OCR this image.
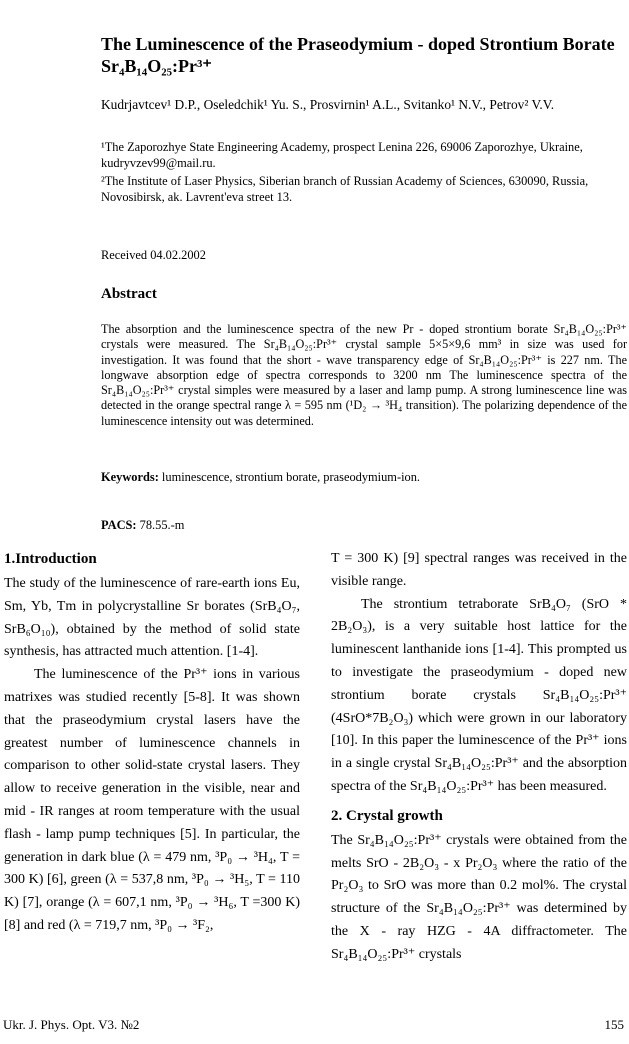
The Luminescence of the Praseodymium - doped Strontium Borate Sr₄B₁₄O₂₅:Pr³⁺
Kudrjavtcev¹ D.P., Oseledchik¹ Yu. S., Prosvirnin¹ A.L., Svitanko¹ N.V., Petrov² V.V.
¹The Zaporozhye State Engineering Academy, prospect Lenina 226, 69006 Zaporozhye, Ukraine, kudryvzev99@mail.ru.
²The Institute of Laser Physics, Siberian branch of Russian Academy of Sciences, 630090, Russia, Novosibirsk, ak. Lavrent'eva street 13.
Received 04.02.2002
Abstract

The absorption and the luminescence spectra of the new Pr - doped strontium borate Sr₄B₁₄O₂₅:Pr³⁺ crystals were measured. The Sr₄B₁₄O₂₅:Pr³⁺ crystal sample 5×5×9,6 mm³ in size was used for investigation. It was found that the short - wave transparency edge of Sr₄B₁₄O₂₅:Pr³⁺ is 227 nm. The longwave absorption edge of spectra corresponds to 3200 nm The luminescence spectra of the Sr₄B₁₄O₂₅:Pr³⁺ crystal simples were measured by a laser and lamp pump. A strong luminescence line was detected in the orange spectral range λ = 595 nm (¹D₂ → ³H₄ transition). The polarizing dependence of the luminescence intensity out was determined.

Keywords: luminescence, strontium borate, praseodymium-ion.
PACS: 78.55.-m
1.Introduction

The study of the luminescence of rare-earth ions Eu, Sm, Yb, Tm in polycrystalline Sr borates (SrB₄O₇, SrB₆O₁₀), obtained by the method of solid state synthesis, has attracted much attention. [1-4].

The luminescence of the Pr³⁺ ions in various matrixes was studied recently [5-8]. It was shown that the praseodymium crystal lasers have the greatest number of luminescence channels in comparison to other solid-state crystal lasers. They allow to receive generation in the visible, near and mid - IR ranges at room temperature with the usual flash - lamp pump techniques [5]. In particular, the generation in dark blue (λ = 479 nm, ³P₀ → ³H₄, T = 300 K) [6], green (λ = 537,8 nm, ³P₀ → ³H₅, T = 110 K) [7], orange (λ = 607,1 nm, ³P₀ → ³H₆, T =300 K) [8] and red (λ = 719,7 nm, ³P₀ → ³F₂,

T = 300 K) [9] spectral ranges was received in the visible range.

The strontium tetraborate SrB₄O₇ (SrO * 2B₂O₃), is a very suitable host lattice for the luminescent lanthanide ions [1-4]. This prompted us to investigate the praseodymium - doped new strontium borate crystals Sr₄B₁₄O₂₅:Pr³⁺ (4SrO*7B₂O₃) which were grown in our laboratory [10]. In this paper the luminescence of the Pr³⁺ ions in a single crystal Sr₄B₁₄O₂₅:Pr³⁺ and the absorption spectra of the Sr₄B₁₄O₂₅:Pr³⁺ has been measured.

2. Crystal growth

The Sr₄B₁₄O₂₅:Pr³⁺ crystals were obtained from the melts SrO - 2B₂O₃ - x Pr₂O₃ where the ratio of the Pr₂O₃ to SrO was more than 0.2 mol%. The crystal structure of the Sr₄B₁₄O₂₅:Pr³⁺ was determined by the X - ray HZG - 4A diffractometer. The Sr₄B₁₄O₂₅:Pr³⁺ crystals

Ukr. J. Phys. Opt. V3. №2	155
